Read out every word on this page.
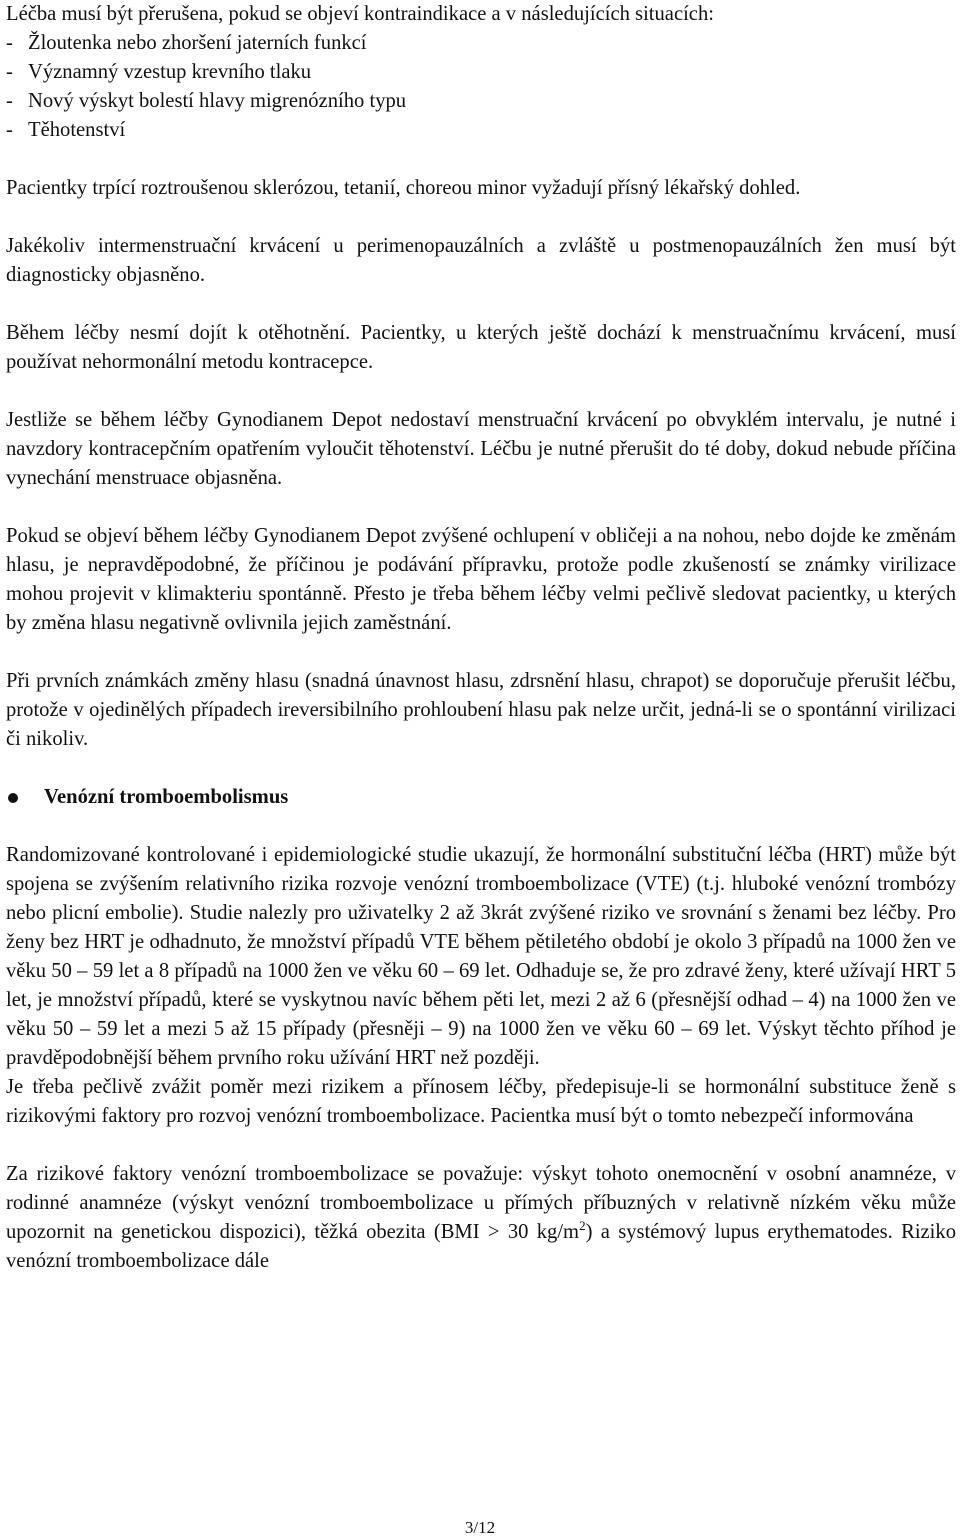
Léčba musí být přerušena, pokud se objeví kontraindikace a v následujících situacích:

- Žloutenka nebo zhoršení jaterních funkcí
- Významný vzestup krevního tlaku
- Nový výskyt bolestí hlavy migrenózního typu
- Těhotenství

Pacientky trpící roztroušenou sklerózou, tetanií, choreou minor vyžadují přísný lékařský dohled.

Jakékoliv intermenstruační krvácení u perimenopauzálních a zvláště u postmenopauzálních žen musí být diagnosticky objasněno.

Během léčby nesmí dojít k otěhotnění. Pacientky, u kterých ještě dochází k menstruačnímu krvácení, musí používat nehormonální metodu kontracepce.

Jestliže se během léčby Gynodianem Depot nedostaví menstruační krvácení po obvyklém intervalu, je nutné i navzdory kontracepčním opatřením vyloučit těhotenství. Léčbu je nutné přerušit do té doby, dokud nebude příčina vynechání menstruace objasněna.

Pokud se objeví během léčby Gynodianem Depot zvýšené ochlupení v obličeji a na nohou, nebo dojde ke změnám hlasu, je nepravděpodobné, že příčinou je podávání přípravku, protože podle zkušeností se známky virilizace mohou projevit v klimakteriu spontánně. Přesto je třeba během léčby velmi pečlivě sledovat pacientky, u kterých by změna hlasu negativně ovlivnila jejich zaměstnání.

Při prvních známkách změny hlasu (snadná únavnost hlasu, zdrsnění hlasu, chrapot) se doporučuje přerušit léčbu, protože v ojedinělých případech ireversibilního prohloubení hlasu pak nelze určit, jedná-li se o spontánní virilizaci či nikoliv.

Venózní tromboembolismus

Randomizované kontrolované i epidemiologické studie ukazují, že hormonální substituční léčba (HRT) může být spojena se zvýšením relativního rizika rozvoje venózní tromboembolizace (VTE) (t.j. hluboké venózní trombózy nebo plicní embolie). Studie nalezly pro uživatelky 2 až 3krát zvýšené riziko ve srovnání s ženami bez léčby. Pro ženy bez HRT je odhadnuto, že množství případů VTE během pětiletého období je okolo 3 případů na 1000 žen ve věku 50 – 59 let a 8 případů na 1000 žen ve věku 60 – 69 let. Odhaduje se, že pro zdravé ženy, které užívají HRT 5 let, je množství případů, které se vyskytnou navíc během pěti let, mezi 2 až 6 (přesnější odhad – 4) na 1000 žen ve věku 50 – 59 let a mezi 5 až 15 případy (přesněji – 9) na 1000 žen ve věku 60 – 69 let. Výskyt těchto příhod je pravděpodobnější během prvního roku užívání HRT než později.

Je třeba pečlivě zvážit poměr mezi rizikem a přínosem léčby, předepisuje-li se hormonální substituce ženě s rizikovými faktory pro rozvoj venózní tromboembolizace. Pacientka musí být o tomto nebezpečí informována

Za rizikové faktory venózní tromboembolizace se považuje: výskyt tohoto onemocnění v osobní anamnéze, v rodinné anamnéze (výskyt venózní tromboembolizace u přímých příbuzných v relativně nízkém věku může upozornit na genetickou dispozici), těžká obezita (BMI > 30 $kg/m^2$) a systémový lupus erythematodes. Riziko venózní tromboembolizace dále

3/12
